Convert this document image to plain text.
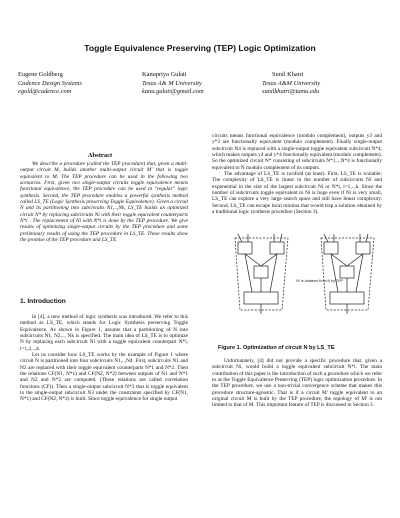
Toggle Equivalence Preserving (TEP) Logic Optimization
Eugene Goldberg
Cadence Design Systems
egold@cadence.com
Kanupriya Gulati
Texas A& M University
kanu.gulati@gmail.com
Sunil Khatri
Texas A&M University
sunilkhatri@tamu.edu
Abstract

We describe a procedure (called the TEP procedure) that, given a multi-output circuit M, builds another multi-output circuit M' that is toggle equivalent to M. The TEP procedure can be used in the following two scenarios. First, given two single-output circuits toggle equivalence means functional equivalence, the TEP procedure can be used in "regular" logic synthesis. Second, the TEP procedure enables a powerful synthesis method called LS_TE (Logic Synthesis preserving Toggle Equivalence). Given a circuit N and its partitioning into subcircuits N1,..,Nk, LS_TE builds an optimized circuit N* by replacing subcircuits Ni with their toggle equivalent counterparts N*i . The replacement of Ni with N*i is done by the TEP procedure. We give results of optimizing single-output circuits by the TEP procedure and some preliminary results of using the TEP procedure in LS_TE. These results show the promise of the TEP procedure and LS_TE.

1. Introduction

In [4], a new method of logic synthesis was introduced. We refer to this method as LS_TE, which stands for Logic Synthesis preserving Toggle Equivalence. As shown in Figure 1, assume that a partitioning of N into subcircuits N1, N2,.., Nk is specified. The main idea of LS_TE is to optimize N by replacing each subcircuit Ni with a toggle equivalent counterpart N*i, i=1,2,..,k.

Let us consider how LS_TE works by the example of Figure 1 where circuit N is partitioned into four subcircuits N1,..,N4. First, subcircuits N1 and N2 are replaced with their toggle equivalent counterparts N*1 and N*2. Then the relations CF(N1, N*1) and CF(N2, N*2) between outputs of N1 and N*1 and N2 and N*2 are computed. (These relations are called correlation functions (CF)). Then a single-output subcircuit N*3 that is toggle equivalent to the single-output subcircuit N3 under the constraints specified by CF(N1, N*1) and CF(N2, N*2) is built. Since toggle equivalence for single output

circuits means functional equivalence (modulo complement), outputs y3 and y*3 are functionally equivalent (modulo complement). Finally single-output subcircuit N4 is replaced with a single-output toggle equivalent subcircuit N*4, which makes outputs y4 and y*4 functionally equivalent (modulo complement). So the optimized circuit N* consisting of subcircuits N*1,..,N*4 is functionally equivalent to N modulo complement of its outputs.

The advantage of LS_TE is twofold (at least). First, LS_TE is scalable: The complexity of LS_TE is linear in the number of subcircuits Ni and exponential in the size of the largest subcircuit Ni or N*i, i=1,..,k. Since the number of subcircuits toggle equivalent to Ni is huge even if Ni is very small, LS_TE can explore a very large search space and still have linear complexity. Second, LS_TE can escape local minima that would trap a solution obtained by a traditional logic synthesis procedure (Section 3).

N* is obtained from N by TEP
Figure 1. Optimization of circuit N by LS_TE

Unfortunately, [4] did not provide a specific procedure that, given a subcircuit Ni, would build a toggle equivalent subcircuit N*i. The main contribution of this paper is the introduction of such a procedure which we refer to as the Toggle Equivalence Preserving (TEP) logic optimization procedure. In the TEP procedure, we use a non-trivial convergence scheme that makes this procedure structure-agnostic. That is if a circuit M' toggle equivalent to an original circuit M is built by the TEP procedure, the topology of M' is not limited to that of M. This important feature of TEP is discussed in Section 3.
